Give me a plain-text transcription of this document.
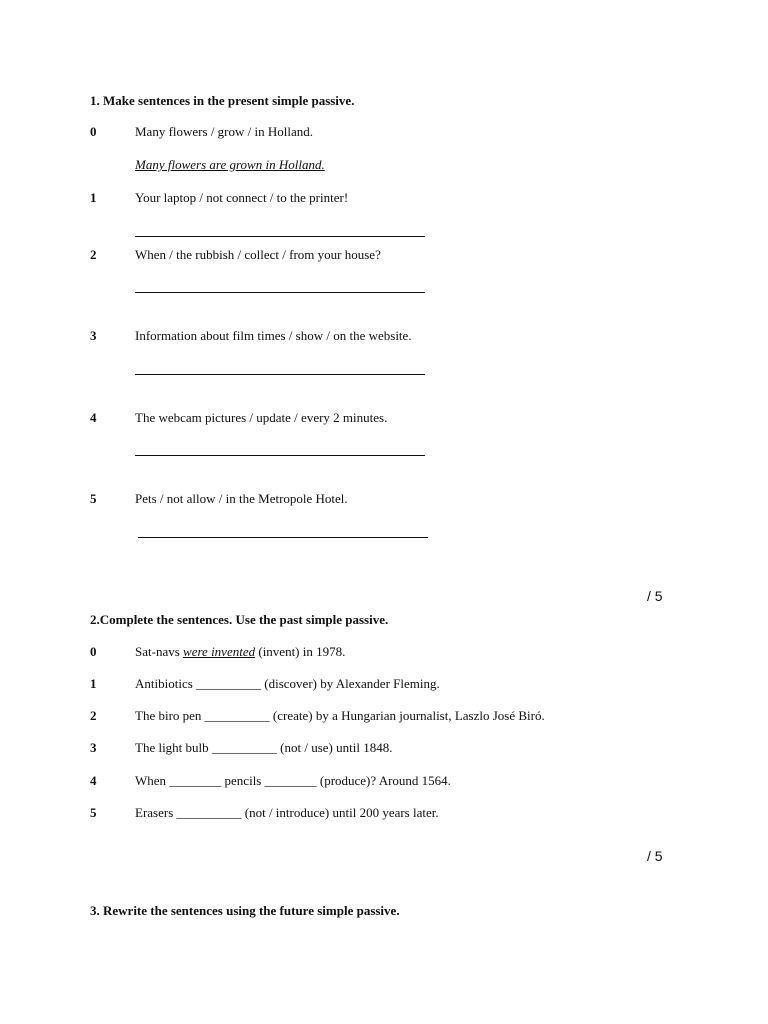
1. Make sentences in the present simple passive.
0	Many flowers / grow / in Holland.
Many flowers are grown in Holland.
1	Your laptop / not connect / to the printer!
2	When / the rubbish / collect / from your house?
3	Information about film times / show / on the website.
4	The webcam pictures / update / every 2 minutes.
5	Pets / not allow / in the Metropole Hotel.
/ 5
2.Complete the sentences. Use the past simple passive.
0	Sat-navs were invented (invent) in 1978.
1	Antibiotics __________ (discover) by Alexander Fleming.
2	The biro pen __________ (create) by a Hungarian journalist, Laszlo José Biró.
3	The light bulb __________ (not / use) until 1848.
4	When ________ pencils ________ (produce)? Around 1564.
5	Erasers __________ (not / introduce) until 200 years later.
/ 5
3. Rewrite the sentences using the future simple passive.
